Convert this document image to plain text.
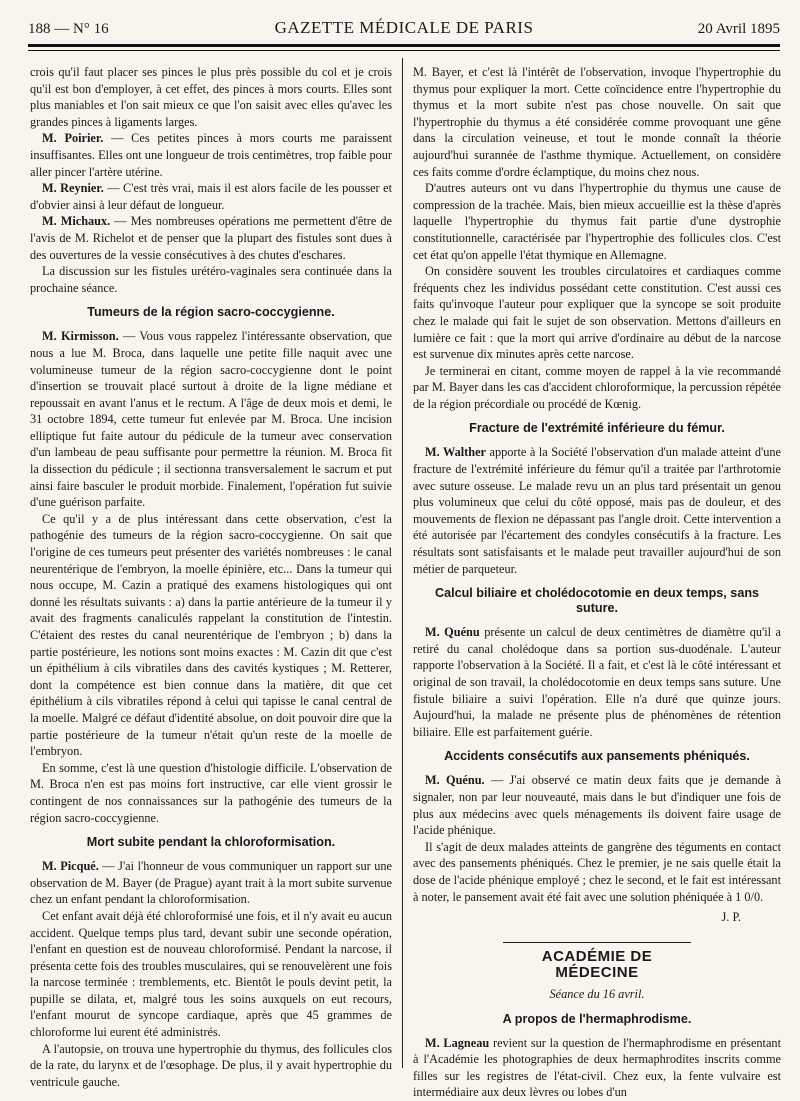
188 — N° 16	GAZETTE MÉDICALE DE PARIS	20 Avril 1895

crois qu'il faut placer ses pinces le plus près possible du col et je crois qu'il est bon d'employer, à cet effet, des pinces à mors courts. Elles sont plus maniables et l'on sait mieux ce que l'on saisit avec elles qu'avec les grandes pinces à ligaments larges.

M. Poirier. — Ces petites pinces à mors courts me paraissent insuffisantes. Elles ont une longueur de trois centimètres, trop faible pour aller pincer l'artère utérine.

M. Reynier. — C'est très vrai, mais il est alors facile de les pousser et d'obvier ainsi à leur défaut de longueur.

M. Michaux. — Mes nombreuses opérations me permettent d'être de l'avis de M. Richelot et de penser que la plupart des fistules sont dues à des ouvertures de la vessie consécutives à des chutes d'eschares.

La discussion sur les fistules urétéro-vaginales sera continuée dans la prochaine séance.

Tumeurs de la région sacro-coccygienne.

M. Kirmisson. — Vous vous rappelez l'intéressante observation, que nous a lue M. Broca, dans laquelle une petite fille naquit avec une volumineuse tumeur de la région sacro-coccygienne dont le point d'insertion se trouvait placé surtout à droite de la ligne médiane et repoussait en avant l'anus et le rectum. A l'âge de deux mois et demi, le 31 octobre 1894, cette tumeur fut enlevée par M. Broca. Une incision elliptique fut faite autour du pédicule de la tumeur avec conservation d'un lambeau de peau suffisante pour permettre la réunion. M. Broca fit la dissection du pédicule ; il sectionna transversalement le sacrum et put ainsi faire basculer le produit morbide. Finalement, l'opération fut suivie d'une guérison parfaite.

Ce qu'il y a de plus intéressant dans cette observation, c'est la pathogénie des tumeurs de la région sacro-coccygienne. On sait que l'origine de ces tumeurs peut présenter des variétés nombreuses : le canal neurentérique de l'embryon, la moelle épinière, etc... Dans la tumeur qui nous occupe, M. Cazin a pratiqué des examens histologiques qui ont donné les résultats suivants : a) dans la partie antérieure de la tumeur il y avait des fragments canaliculés rappelant la constitution de l'intestin. C'étaient des restes du canal neurentérique de l'embryon ; b) dans la partie postérieure, les notions sont moins exactes : M. Cazin dit que c'est un épithélium à cils vibratiles dans des cavités kystiques ; M. Retterer, dont la compétence est bien connue dans la matière, dit que cet épithélium à cils vibratiles répond à celui qui tapisse le canal central de la moelle. Malgré ce défaut d'identité absolue, on doit pouvoir dire que la partie postérieure de la tumeur n'était qu'un reste de la moelle de l'embryon.

En somme, c'est là une question d'histologie difficile. L'observation de M. Broca n'en est pas moins fort instructive, car elle vient grossir le contingent de nos connaissances sur la pathogénie des tumeurs de la région sacro-coccygienne.

Mort subite pendant la chloroformisation.

M. Picqué. — J'ai l'honneur de vous communiquer un rapport sur une observation de M. Bayer (de Prague) ayant trait à la mort subite survenue chez un enfant pendant la chloroformisation.

Cet enfant avait déjà été chloroformisé une fois, et il n'y avait eu aucun accident. Quelque temps plus tard, devant subir une seconde opération, l'enfant en question est de nouveau chloroformisé. Pendant la narcose, il présenta cette fois des troubles musculaires, qui se renouvelèrent une fois la narcose terminée : tremblements, etc. Bientôt le pouls devint petit, la pupille se dilata, et, malgré tous les soins auxquels on eut recours, l'enfant mourut de syncope cardiaque, après que 45 grammes de chloroforme lui eurent été administrés.

A l'autopsie, on trouva une hypertrophie du thymus, des follicules clos de la rate, du larynx et de l'œsophage. De plus, il y avait hypertrophie du ventricule gauche.

M. Bayer, et c'est là l'intérêt de l'observation, invoque l'hypertrophie du thymus pour expliquer la mort. Cette coïncidence entre l'hypertrophie du thymus et la mort subite n'est pas chose nouvelle. On sait que l'hypertrophie du thymus a été considérée comme provoquant une gêne dans la circulation veineuse, et tout le monde connaît la théorie aujourd'hui surannée de l'asthme thymique. Actuellement, on considère ces faits comme d'ordre éclamptique, du moins chez nous.

D'autres auteurs ont vu dans l'hypertrophie du thymus une cause de compression de la trachée. Mais, bien mieux accueillie est la thèse d'après laquelle l'hypertrophie du thymus fait partie d'une dystrophie constitutionnelle, caractérisée par l'hypertrophie des follicules clos. C'est cet état qu'on appelle l'état thymique en Allemagne.

On considère souvent les troubles circulatoires et cardiaques comme fréquents chez les individus possédant cette constitution. C'est aussi ces faits qu'invoque l'auteur pour expliquer que la syncope se soit produite chez le malade qui fait le sujet de son observation. Mettons d'ailleurs en lumière ce fait : que la mort qui arrive d'ordinaire au début de la narcose est survenue dix minutes après cette narcose.

Je terminerai en citant, comme moyen de rappel à la vie recommandé par M. Bayer dans les cas d'accident chloroformique, la percussion répétée de la région précordiale ou procédé de Kœnig.

Fracture de l'extrémité inférieure du fémur.

M. Walther apporte à la Société l'observation d'un malade atteint d'une fracture de l'extrémité inférieure du fémur qu'il a traitée par l'arthrotomie avec suture osseuse. Le malade revu un an plus tard présentait un genou plus volumineux que celui du côté opposé, mais pas de douleur, et des mouvements de flexion ne dépassant pas l'angle droit. Cette intervention a été autorisée par l'écartement des condyles consécutifs à la fracture. Les résultats sont satisfaisants et le malade peut travailler aujourd'hui de son métier de parqueteur.

Calcul biliaire et cholédocotomie en deux temps, sans suture.

M. Quénu présente un calcul de deux centimètres de diamètre qu'il a retiré du canal cholédoque dans sa portion sus-duodénale. L'auteur rapporte l'observation à la Société. Il a fait, et c'est là le côté intéressant et original de son travail, la cholédocotomie en deux temps sans suture. Une fistule biliaire a suivi l'opération. Elle n'a duré que quinze jours. Aujourd'hui, la malade ne présente plus de phénomènes de rétention biliaire. Elle est parfaitement guérie.

Accidents consécutifs aux pansements phéniqués.

M. Quénu. — J'ai observé ce matin deux faits que je demande à signaler, non par leur nouveauté, mais dans le but d'indiquer une fois de plus aux médecins avec quels ménagements ils doivent faire usage de l'acide phénique.

Il s'agit de deux malades atteints de gangrène des téguments en contact avec des pansements phéniqués. Chez le premier, je ne sais quelle était la dose de l'acide phénique employé ; chez le second, et le fait est intéressant à noter, le pansement avait été fait avec une solution phéniquée à 1 0/0.

J. P.
ACADÉMIE DE MÉDECINE
Séance du 16 avril.
A propos de l'hermaphrodisme.

M. Lagneau revient sur la question de l'hermaphrodisme en présentant à l'Académie les photographies de deux hermaphrodites inscrits comme filles sur les registres de l'état-civil. Chez eux, la fente vulvaire est intermédiaire aux deux lèvres ou lobes d'un
